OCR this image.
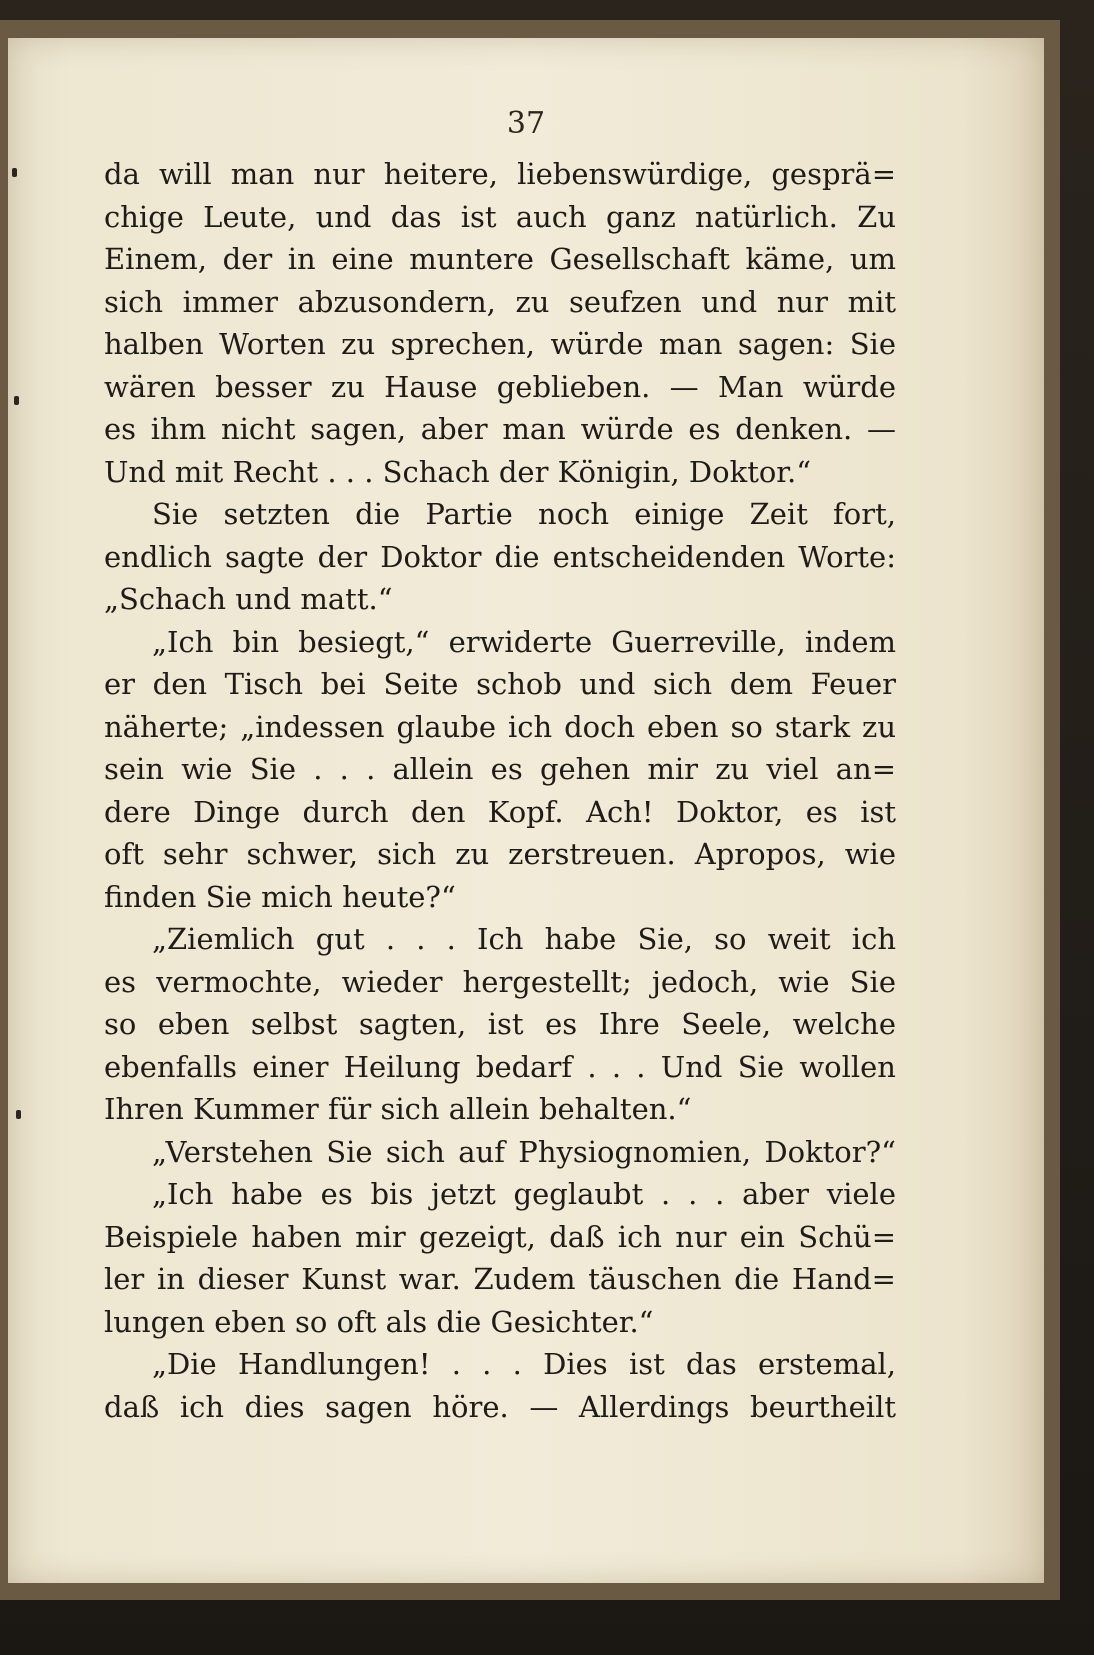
37
da will man nur heitere, liebenswürdige, gesprä=
chige Leute, und das ist auch ganz natürlich. Zu
Einem, der in eine muntere Gesellschaft käme, um
sich immer abzusondern, zu seufzen und nur mit
halben Worten zu sprechen, würde man sagen: Sie
wären besser zu Hause geblieben. — Man würde
es ihm nicht sagen, aber man würde es denken. —
Und mit Recht . . . Schach der Königin, Doktor.“
Sie setzten die Partie noch einige Zeit fort,
endlich sagte der Doktor die entscheidenden Worte:
„Schach und matt.“
„Ich bin besiegt,“ erwiderte Guerreville, indem
er den Tisch bei Seite schob und sich dem Feuer
näherte; „indessen glaube ich doch eben so stark zu
sein wie Sie . . . allein es gehen mir zu viel an=
dere Dinge durch den Kopf. Ach! Doktor, es ist
oft sehr schwer, sich zu zerstreuen. Apropos, wie
finden Sie mich heute?“
„Ziemlich gut . . . Ich habe Sie, so weit ich
es vermochte, wieder hergestellt; jedoch, wie Sie
so eben selbst sagten, ist es Ihre Seele, welche
ebenfalls einer Heilung bedarf . . . Und Sie wollen
Ihren Kummer für sich allein behalten.“
„Verstehen Sie sich auf Physiognomien, Doktor?“
„Ich habe es bis jetzt geglaubt . . . aber viele
Beispiele haben mir gezeigt, daß ich nur ein Schü=
ler in dieser Kunst war. Zudem täuschen die Hand=
lungen eben so oft als die Gesichter.“
„Die Handlungen! . . . Dies ist das erstemal,
daß ich dies sagen höre. — Allerdings beurtheilt
